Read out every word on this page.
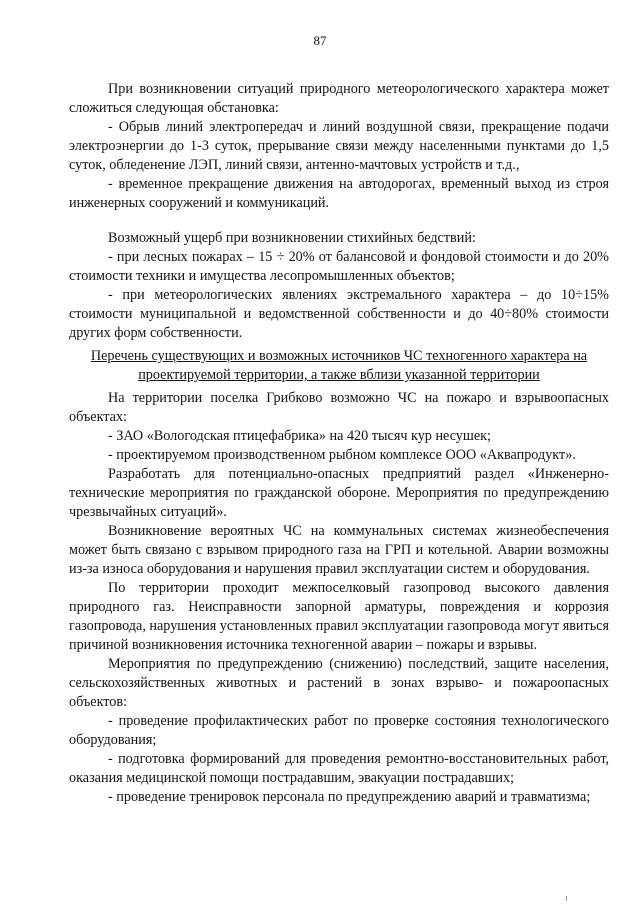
87

При возникновении ситуаций природного метеорологического характера может сложиться следующая обстановка:

- Обрыв линий электропередач и линий воздушной связи, прекращение подачи электроэнергии до 1-3 суток, прерывание связи между населенными пунктами до 1,5 суток, обледенение ЛЭП, линий связи, антенно-мачтовых устройств и т.д.,

- временное прекращение движения на автодорогах, временный выход из строя инженерных сооружений и коммуникаций.

Возможный ущерб при возникновении стихийных бедствий:

- при лесных пожарах – 15 ÷ 20% от балансовой и фондовой стоимости и до 20% стоимости техники и имущества лесопромышленных объектов;

- при метеорологических явлениях экстремального характера – до 10÷15% стоимости муниципальной и ведомственной собственности и до 40÷80% стоимости других форм собственности.

Перечень существующих и возможных источников ЧС техногенного характера на проектируемой территории, а также вблизи указанной территории

На территории поселка Грибково возможно ЧС на пожаро и взрывоопасных объектах:

- ЗАО «Вологодская птицефабрика» на 420 тысяч кур несушек;

- проектируемом производственном рыбном комплексе ООО «Аквапродукт».

Разработать для потенциально-опасных предприятий раздел «Инженерно-технические мероприятия по гражданской обороне. Мероприятия по предупреждению чрезвычайных ситуаций».

Возникновение вероятных ЧС на коммунальных системах жизнеобеспечения может быть связано с взрывом природного газа на ГРП и котельной. Аварии возможны из-за износа оборудования и нарушения правил эксплуатации систем и оборудования.

По территории проходит межпоселковый газопровод высокого давления природного газ. Неисправности запорной арматуры, повреждения и коррозия газопровода, нарушения установленных правил эксплуатации газопровода могут явиться причиной возникновения источника техногенной аварии – пожары и взрывы.

Мероприятия по предупреждению (снижению) последствий, защите населения, сельскохозяйственных животных и растений в зонах взрыво- и пожароопасных объектов:

- проведение профилактических работ по проверке состояния технологического оборудования;

- подготовка формирований для проведения ремонтно-восстановительных работ, оказания медицинской помощи пострадавшим, эвакуации пострадавших;

- проведение тренировок персонала по предупреждению аварий и травматизма;
